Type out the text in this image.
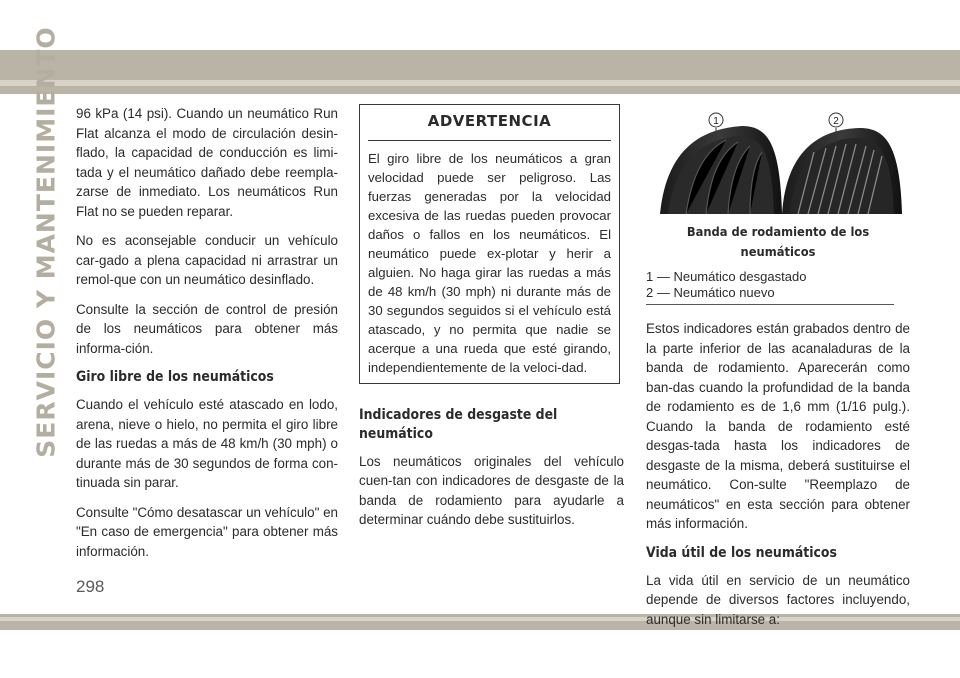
SERVICIO Y MANTENIMIENTO
298

96 kPa (14 psi). Cuando un neumático Run Flat alcanza el modo de circulación desin-flado, la capacidad de conducción es limi-tada y el neumático dañado debe reempla-zarse de inmediato. Los neumáticos Run Flat no se pueden reparar.

No es aconsejable conducir un vehículo car-gado a plena capacidad ni arrastrar un remol-que con un neumático desinflado.

Consulte la sección de control de presión de los neumáticos para obtener más informa-ción.

Giro libre de los neumáticos

Cuando el vehículo esté atascado en lodo, arena, nieve o hielo, no permita el giro libre de las ruedas a más de 48 km/h (30 mph) o durante más de 30 segundos de forma con-tinuada sin parar.

Consulte "Cómo desatascar un vehículo" en "En caso de emergencia" para obtener más información.

ADVERTENCIA
El giro libre de los neumáticos a gran velocidad puede ser peligroso. Las fuerzas generadas por la velocidad excesiva de las ruedas pueden provocar daños o fallos en los neumáticos. El neumático puede ex-plotar y herir a alguien. No haga girar las ruedas a más de 48 km/h (30 mph) ni durante más de 30 segundos seguidos si el vehículo está atascado, y no permita que nadie se acerque a una rueda que esté girando, independientemente de la veloci-dad.
Indicadores de desgaste del neumático

Los neumáticos originales del vehículo cuen-tan con indicadores de desgaste de la banda de rodamiento para ayudarle a determinar cuándo debe sustituirlos.

1	2
Banda de rodamiento de los neumáticos
1 — Neumático desgastado
2 — Neumático nuevo

Estos indicadores están grabados dentro de la parte inferior de las acanaladuras de la banda de rodamiento. Aparecerán como ban-das cuando la profundidad de la banda de rodamiento es de 1,6 mm (1/16 pulg.). Cuando la banda de rodamiento esté desgas-tada hasta los indicadores de desgaste de la misma, deberá sustituirse el neumático. Con-sulte "Reemplazo de neumáticos" en esta sección para obtener más información.

Vida útil de los neumáticos

La vida útil en servicio de un neumático depende de diversos factores incluyendo, aunque sin limitarse a:
